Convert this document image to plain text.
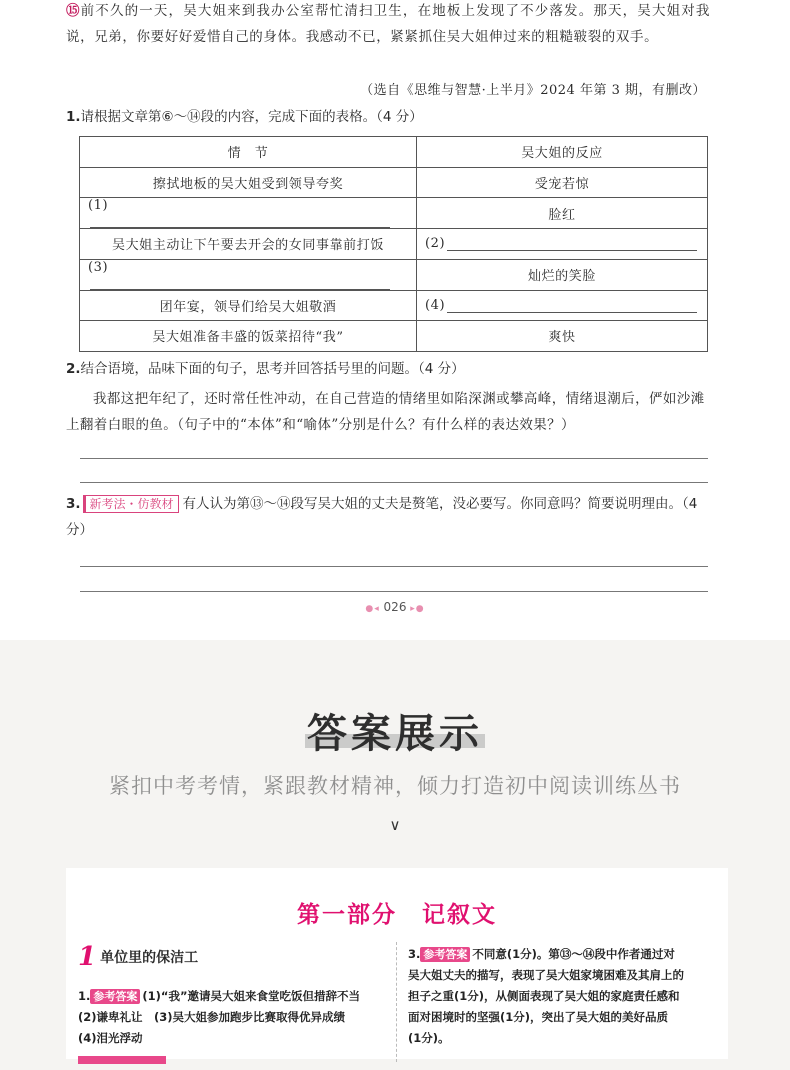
⑮前不久的一天，吴大姐来到我办公室帮忙清扫卫生，在地板上发现了不少落发。那天，吴大姐对我说，兄弟，你要好好爱惜自己的身体。我感动不已，紧紧抓住吴大姐伸过来的粗糙皲裂的双手。
（选自《思维与智慧·上半月》2024 年第 3 期，有删改）
1.请根据文章第⑥～⑭段的内容，完成下面的表格。（4 分）
情　节	吴大姐的反应
擦拭地板的吴大姐受到领导夸奖	受宠若惊
(1)	脸红
吴大姐主动让下午要去开会的女同事靠前打饭	(2)
(3)	灿烂的笑脸
团年宴，领导们给吴大姐敬酒	(4)
吴大姐准备丰盛的饭菜招待“我”	爽快
2.结合语境，品味下面的句子，思考并回答括号里的问题。（4 分）
我都这把年纪了，还时常任性冲动，在自己营造的情绪里如陷深渊或攀高峰，情绪退潮后，俨如沙滩上翻着白眼的鱼。（句子中的“本体”和“喻体”分别是什么？有什么样的表达效果？）
3. 新考法・仿教材 有人认为第⑬～⑭段写吴大姐的丈夫是赘笔，没必要写。你同意吗？简要说明理由。（4 分）
●◂ 026 ▸●
答案展示
紧扣中考考情，紧跟教材精神，倾力打造初中阅读训练丛书
∨
第一部分　记叙文
1 单位里的保洁工
1. 参考答案 (1)“我”邀请吴大姐来食堂吃饭但措辞不当
(2)谦卑礼让　(3)吴大姐参加跑步比赛取得优异成绩
(4)泪光浮动
3. 参考答案 不同意(1分)。第⑬～⑭段中作者通过对
吴大姐丈夫的描写，表现了吴大姐家境困难及其肩上的
担子之重(1分)，从侧面表现了吴大姐的家庭责任感和
面对困境时的坚强(1分)，突出了吴大姐的美好品质
(1分)。
